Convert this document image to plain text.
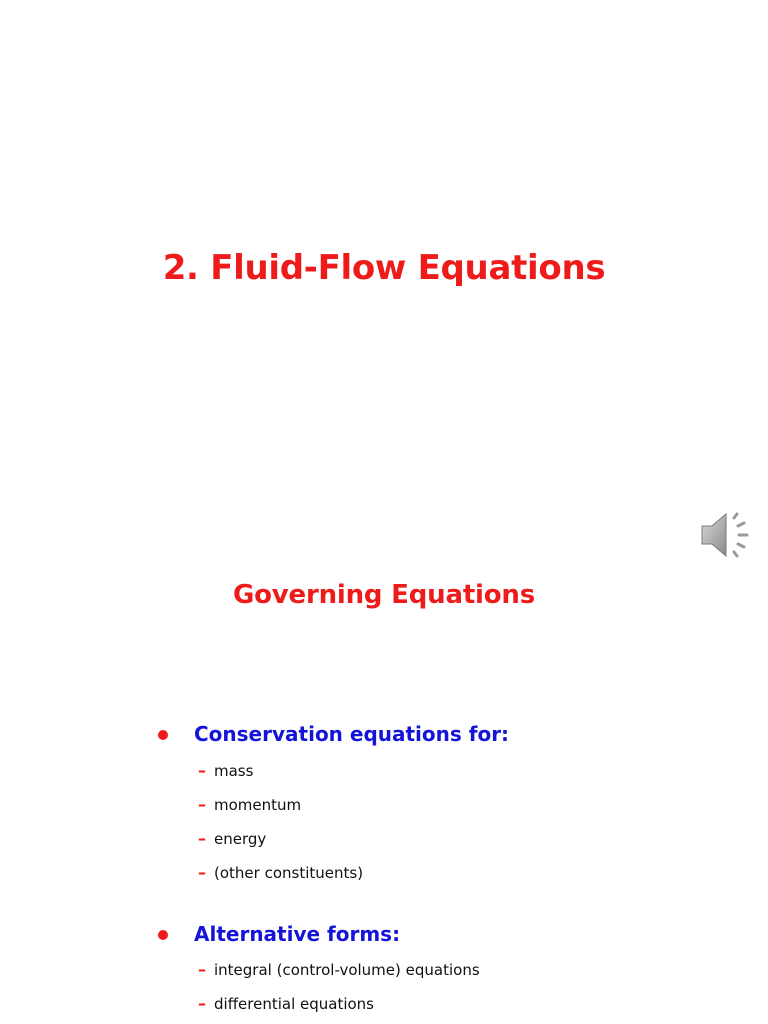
2. Fluid-Flow Equations
Governing Equations
Conservation equations for:
– mass
– momentum
– energy
– (other constituents)
Alternative forms:
– integral (control-volume) equations
– differential equations
